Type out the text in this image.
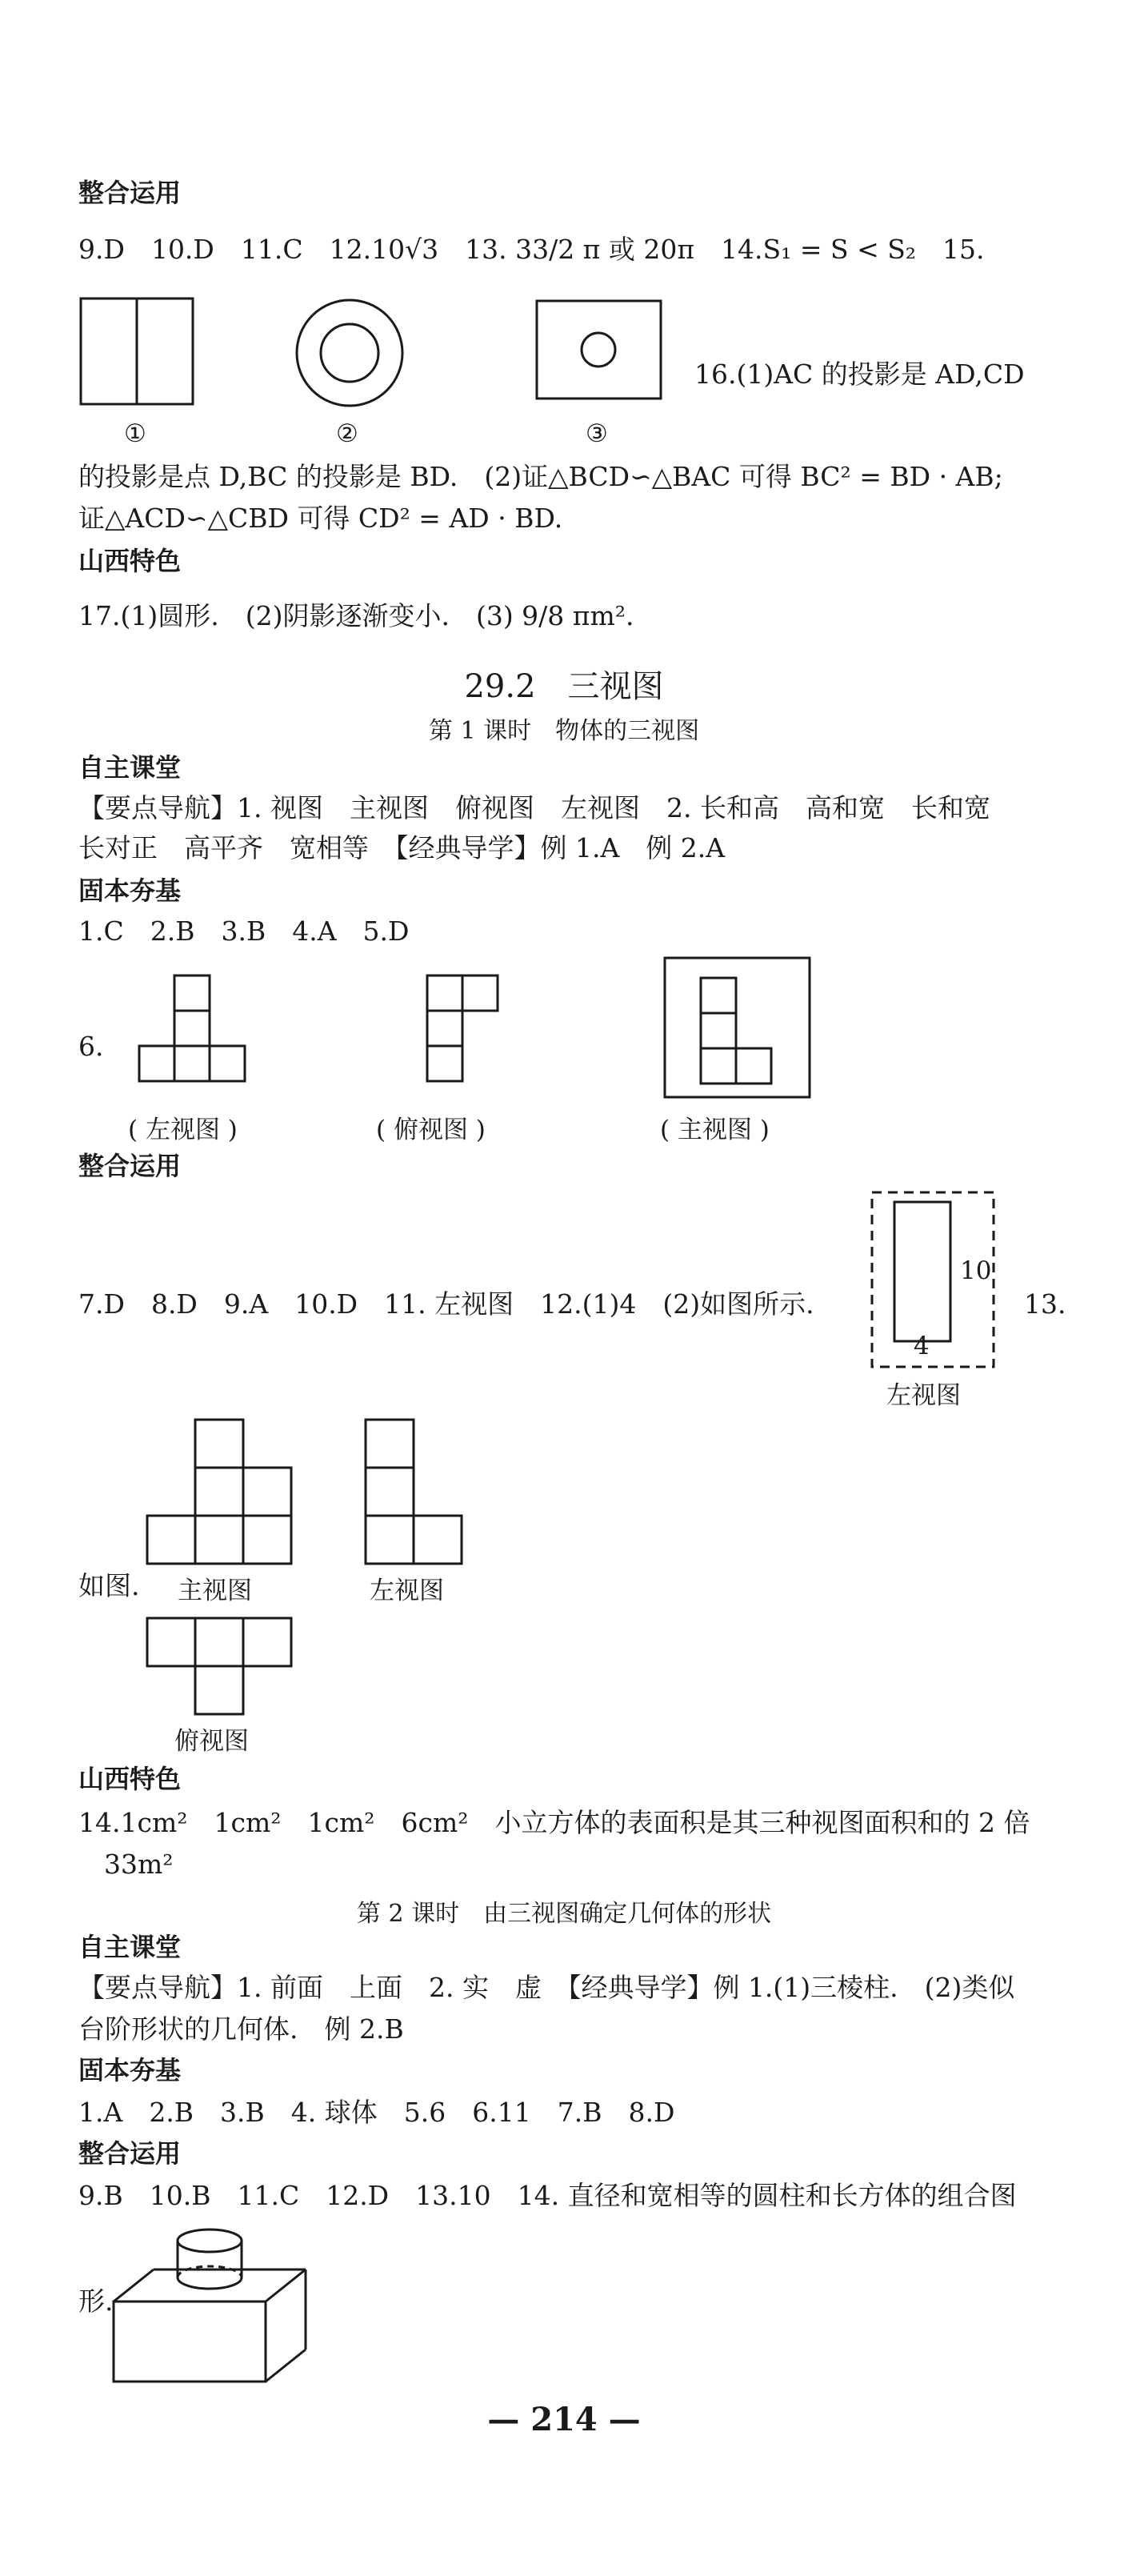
整合运用
9.D　10.D　11.C　12.10√3　13. 33/2 π 或 20π　14.S₁ = S < S₂　15.
①	②	③
16.(1)AC 的投影是 AD,CD
的投影是点 D,BC 的投影是 BD.　(2)证△BCD∽△BAC 可得 BC² = BD · AB;
证△ACD∽△CBD 可得 CD² = AD · BD.
山西特色
17.(1)圆形.　(2)阴影逐渐变小.　(3) 9/8 πm².
29.2　三视图
第 1 课时　物体的三视图
自主课堂
【要点导航】1. 视图　主视图　俯视图　左视图　2. 长和高　高和宽　长和宽
长对正　高平齐　宽相等　【经典导学】例 1.A　例 2.A
固本夯基
1.C　2.B　3.B　4.A　5.D
6.
( 左视图 )	( 俯视图 )	( 主视图 )
整合运用
7.D　8.D　9.A　10.D　11. 左视图　12.(1)4　(2)如图所示.
10
4
左视图
13.
如图. 主视图	左视图
俯视图
山西特色
14.1cm²　1cm²　1cm²　6cm²　小立方体的表面积是其三种视图面积和的 2 倍
33m²
第 2 课时　由三视图确定几何体的形状
自主课堂
【要点导航】1. 前面　上面　2. 实　虚　【经典导学】例 1.(1)三棱柱.　(2)类似
台阶形状的几何体.　例 2.B
固本夯基
1.A　2.B　3.B　4. 球体　5.6　6.11　7.B　8.D
整合运用
9.B　10.B　11.C　12.D　13.10　14. 直径和宽相等的圆柱和长方体的组合图
形.
— 214 —
